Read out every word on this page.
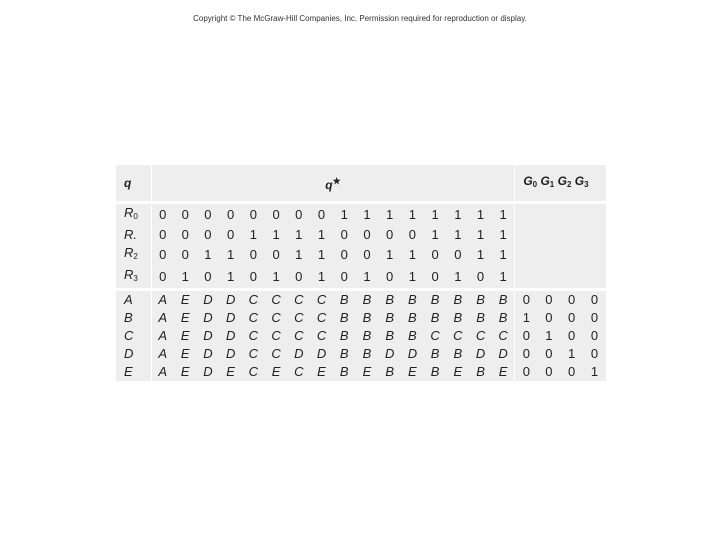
Copyright © The McGraw-Hill Companies, Inc. Permission required for reproduction or display.
q	q★																$G_0$ $G_1$ $G_2$ $G_3$
$R_0$	0	0	0	0	0	0	0	0	1	1	1	1	1	1	1	1				
R.	0	0	0	0	1	1	1	1	0	0	0	0	1	1	1	1				
$R_2$	0	0	1	1	0	0	1	1	0	0	1	1	0	0	1	1				
$R_3$	0	1	0	1	0	1	0	1	0	1	0	1	0	1	0	1				
A	A	E	D	D	C	C	C	C	B	B	B	B	B	B	B	B	0	0	0	0
B	A	E	D	D	C	C	C	C	B	B	B	B	B	B	B	B	1	0	0	0
C	A	E	D	D	C	C	C	C	B	B	B	B	C	C	C	C	0	1	0	0
D	A	E	D	D	C	C	D	D	B	B	D	D	B	B	D	D	0	0	1	0
E	A	E	D	E	C	E	C	E	B	E	B	E	B	E	B	E	0	0	0	1
